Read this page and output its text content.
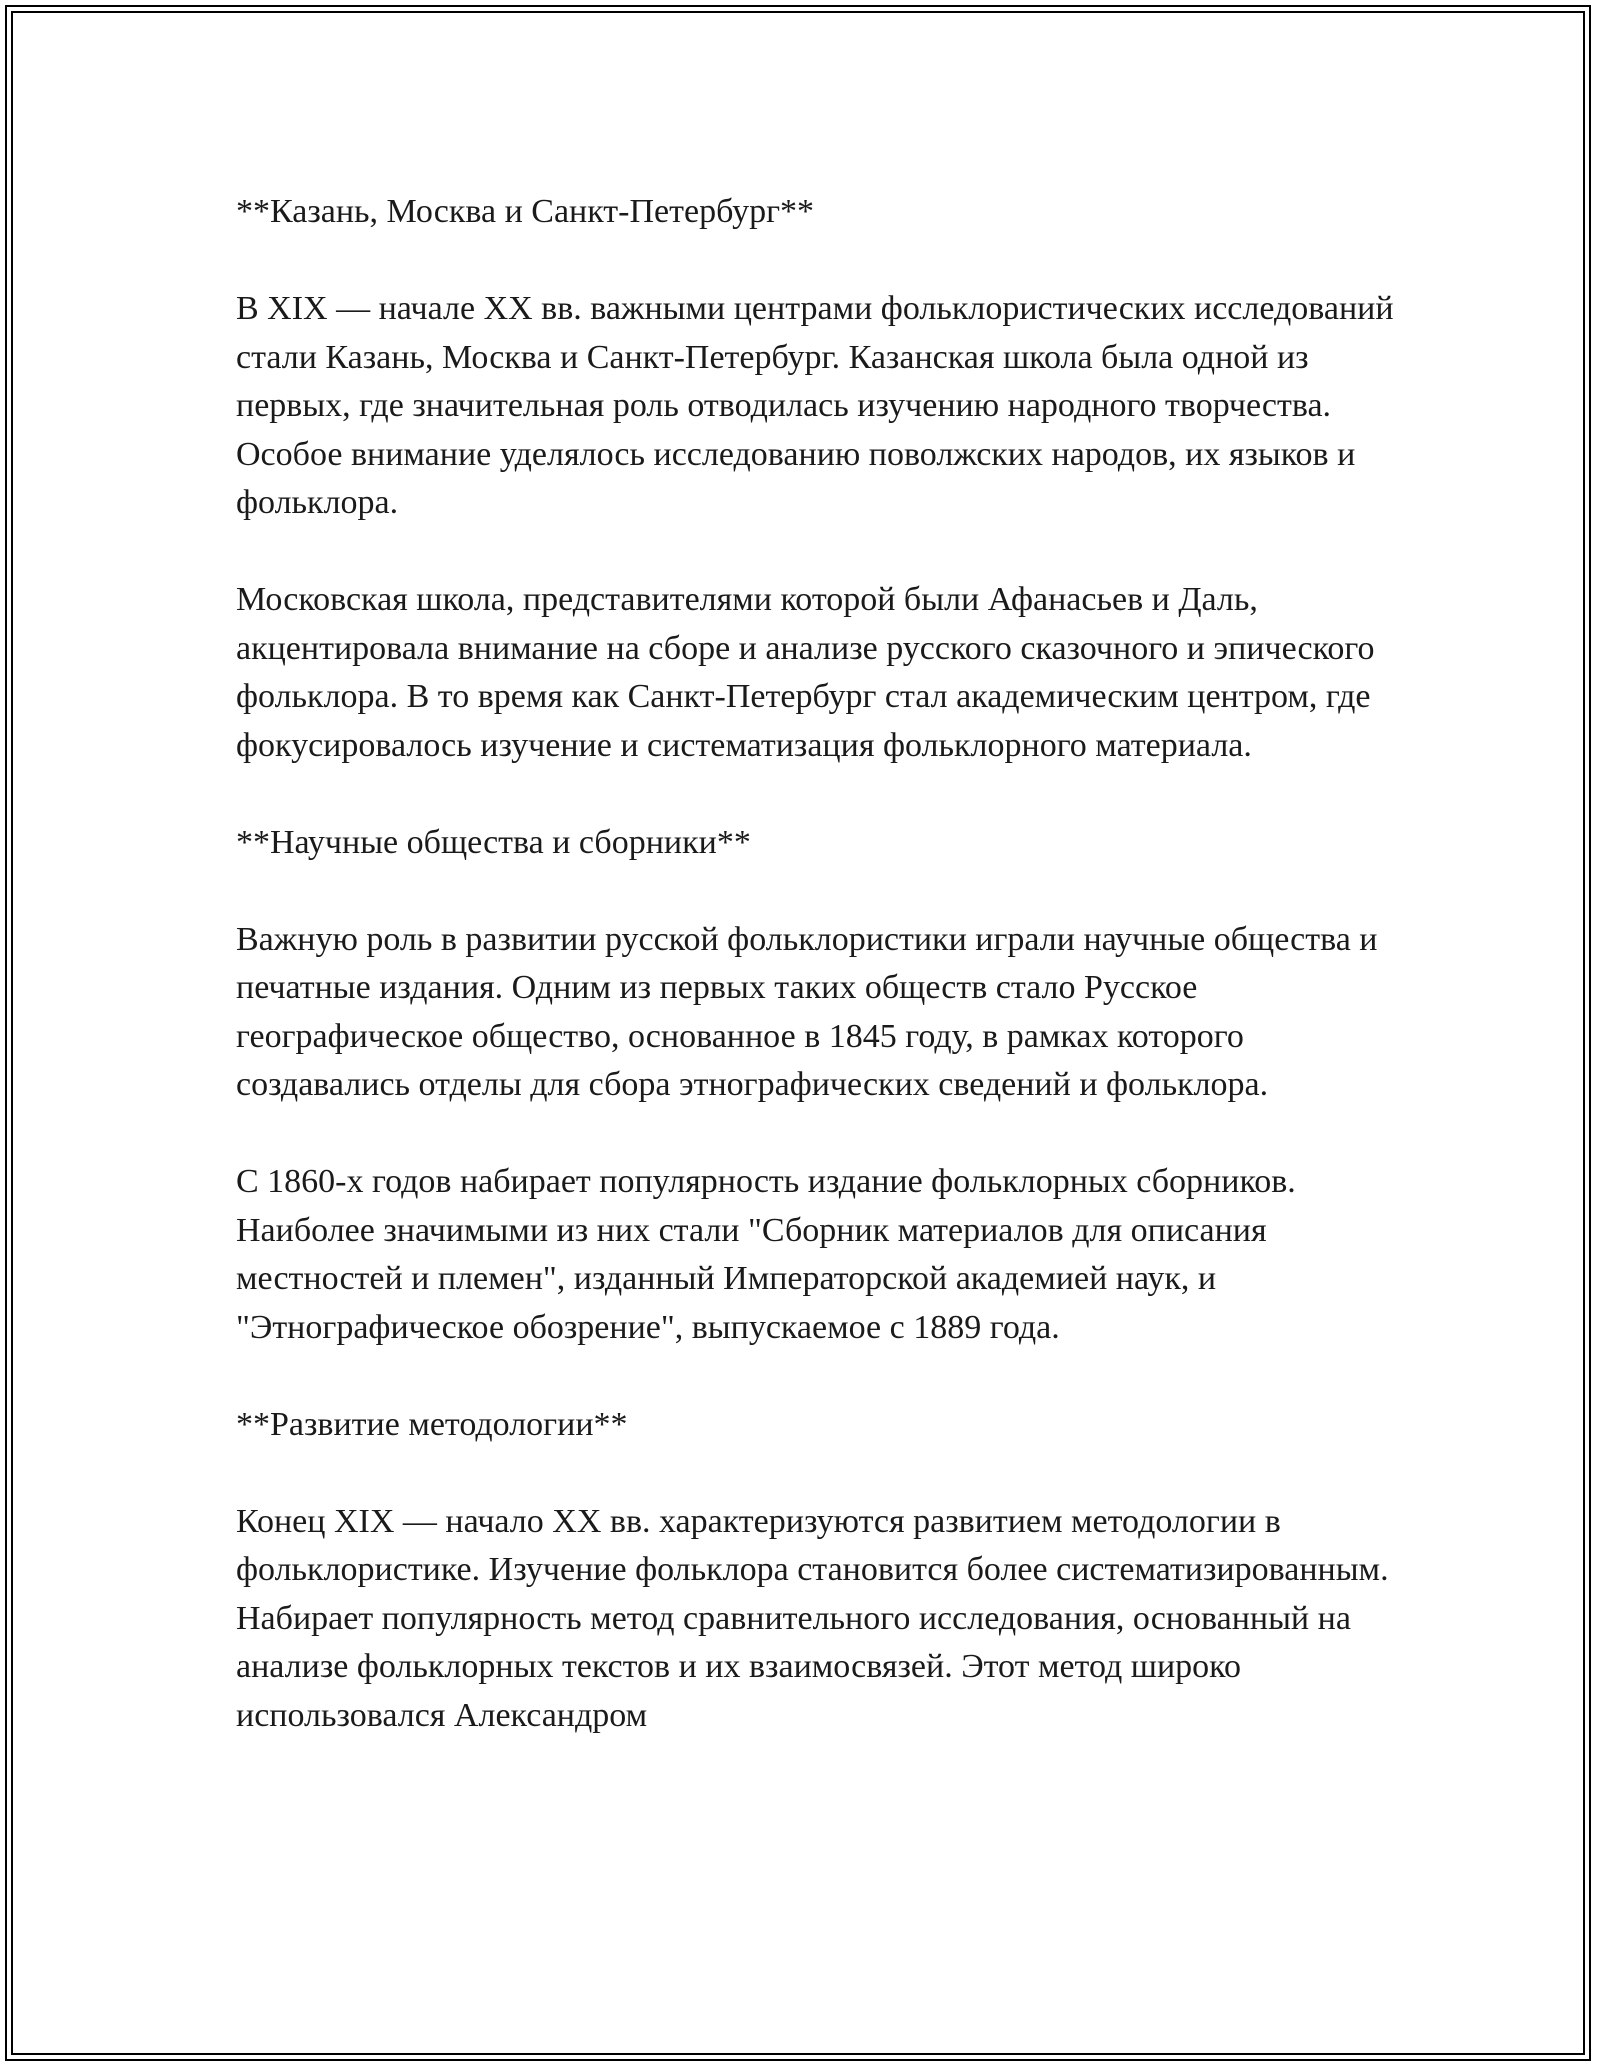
**Казань, Москва и Санкт-Петербург**

В XIX — начале XX вв. важными центрами фольклористических исследований стали Казань, Москва и Санкт-Петербург. Казанская школа была одной из первых, где значительная роль отводилась изучению народного творчества. Особое внимание уделялось исследованию поволжских народов, их языков и фольклора.

Московская школа, представителями которой были Афанасьев и Даль, акцентировала внимание на сборе и анализе русского сказочного и эпического фольклора. В то время как Санкт-Петербург стал академическим центром, где фокусировалось изучение и систематизация фольклорного материала.

**Научные общества и сборники**

Важную роль в развитии русской фольклористики играли научные общества и печатные издания. Одним из первых таких обществ стало Русское географическое общество, основанное в 1845 году, в рамках которого создавались отделы для сбора этнографических сведений и фольклора.

С 1860-х годов набирает популярность издание фольклорных сборников. Наиболее значимыми из них стали "Сборник материалов для описания местностей и племен", изданный Императорской академией наук, и "Этнографическое обозрение", выпускаемое с 1889 года.

**Развитие методологии**

Конец XIX — начало XX вв. характеризуются развитием методологии в фольклористике. Изучение фольклора становится более систематизированным. Набирает популярность метод сравнительного исследования, основанный на анализе фольклорных текстов и их взаимосвязей. Этот метод широко использовался Александром
